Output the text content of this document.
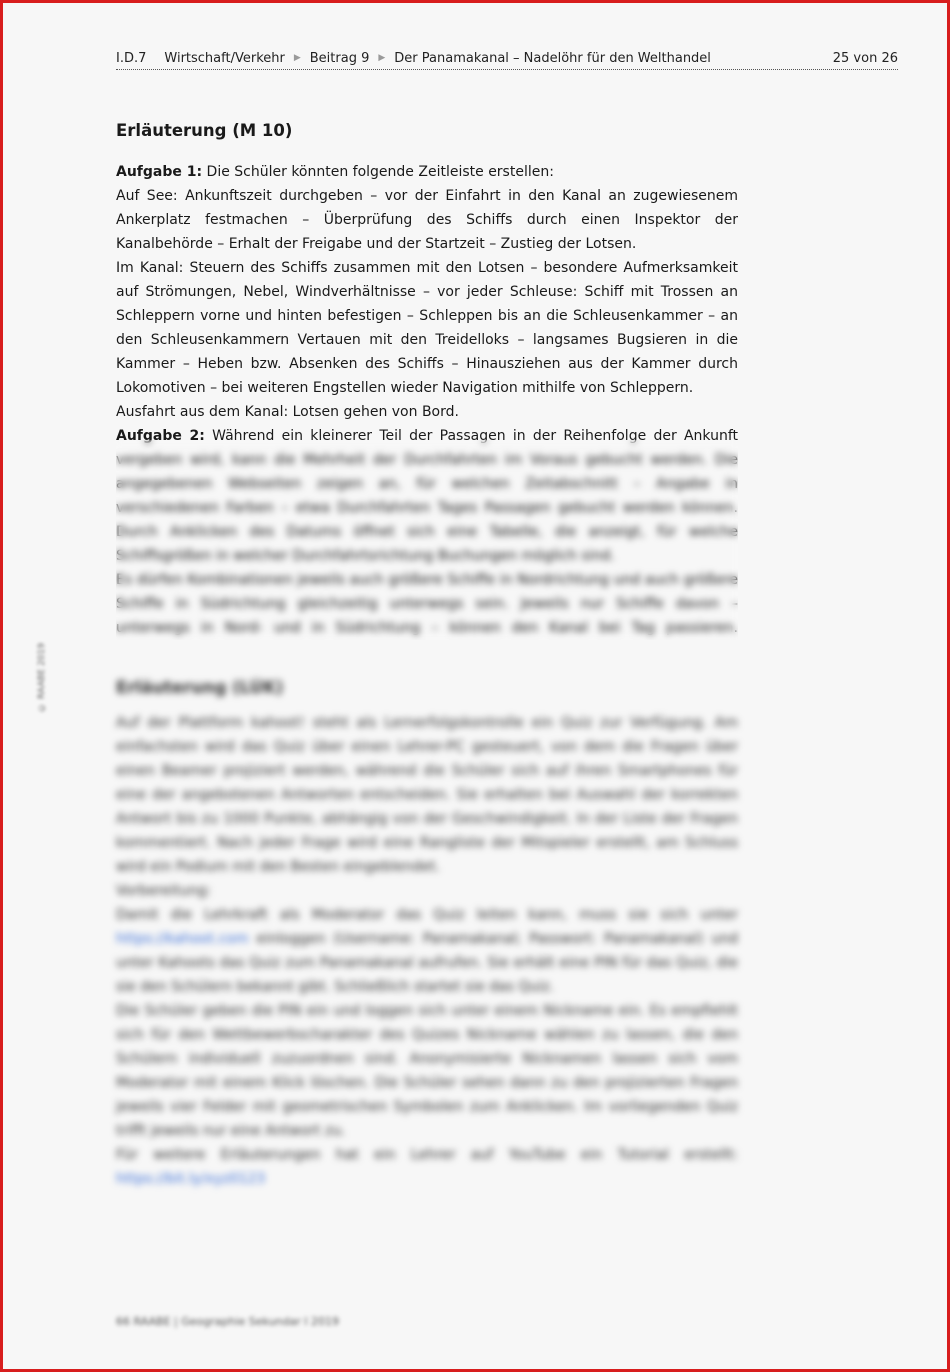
I.D.7 Wirtschaft/Verkehr ▶ Beitrag 9 ▶ Der Panamakanal – Nadelöhr für den Welthandel	25 von 26
Erläuterung (M 10)

Aufgabe 1: Die Schüler könnten folgende Zeitleiste erstellen:

Auf See: Ankunftszeit durchgeben – vor der Einfahrt in den Kanal an zugewiesenem Ankerplatz festmachen – Überprüfung des Schiffs durch einen Inspektor der Kanalbehörde – Erhalt der Freigabe und der Startzeit – Zustieg der Lotsen.

Im Kanal: Steuern des Schiffs zusammen mit den Lotsen – besondere Aufmerksamkeit auf Strömungen, Nebel, Windverhältnisse – vor jeder Schleuse: Schiff mit Trossen an Schleppern vorne und hinten befestigen – Schleppen bis an die Schleusenkammer – an den Schleusenkammern Vertauen mit den Treidelloks – langsames Bugsieren in die Kammer – Heben bzw. Absenken des Schiffs – Hinausziehen aus der Kammer durch Lokomotiven – bei weiteren Engstellen wieder Navigation mithilfe von Schleppern.

Ausfahrt aus dem Kanal: Lotsen gehen von Bord.

Aufgabe 2: Während ein kleinerer Teil der Passagen in der Reihenfolge der Ankunft vergeben wird, kann die Mehrheit der Durchfahrten im Voraus gebucht werden. Die angegebenen Webseiten zeigen an, für welchen Zeitabschnitt – Angabe in verschiedenen Farben – etwa Durchfahrten Tages Passagen gebucht werden können. Durch Anklicken des Datums öffnet sich eine Tabelle, die anzeigt, für welche Schiffsgrößen in welcher Durchfahrtsrichtung Buchungen möglich sind.

Es dürfen Kombinationen jeweils auch größere Schiffe in Nordrichtung und auch größere Schiffe in Südrichtung gleichzeitig unterwegs sein. Jeweils nur Schiffe davon – unterwegs in Nord- und in Südrichtung – können den Kanal bei Tag passieren.

Erläuterung (LÜK)

Auf der Plattform kahoot! steht als Lernerfolgskontrolle ein Quiz zur Verfügung. Am einfachsten wird das Quiz über einen Lehrer-PC gesteuert, von dem die Fragen über einen Beamer projiziert werden, während die Schüler sich auf ihren Smartphones für eine der angebotenen Antworten entscheiden. Sie erhalten bei Auswahl der korrekten Antwort bis zu 1000 Punkte, abhängig von der Geschwindigkeit. In der Liste der Fragen kommentiert. Nach jeder Frage wird eine Rangliste der Mitspieler erstellt, am Schluss wird ein Podium mit den Besten eingeblendet.

Vorbereitung:

Damit die Lehrkraft als Moderator das Quiz leiten kann, muss sie sich unter https://kahoot.com einloggen (Username: Panamakanal; Passwort: Panamakanal) und unter Kahoots das Quiz zum Panamakanal aufrufen. Sie erhält eine PIN für das Quiz, die sie den Schülern bekannt gibt. Schließlich startet sie das Quiz.

Die Schüler geben die PIN ein und loggen sich unter einem Nickname ein. Es empfiehlt sich für den Wettbewerbscharakter des Quizes Nickname wählen zu lassen, die den Schülern individuell zuzuordnen sind. Anonymisierte Nicknamen lassen sich vom Moderator mit einem Klick löschen. Die Schüler sehen dann zu den projizierten Fragen jeweils vier Felder mit geometrischen Symbolen zum Anklicken. Im vorliegenden Quiz trifft jeweils nur eine Antwort zu.

Für weitere Erläuterungen hat ein Lehrer auf YouTube ein Tutorial erstellt: https://bit.ly/xyz0123

© RAABE 2019
66 RAABE | Geographie Sekundar I 2019
